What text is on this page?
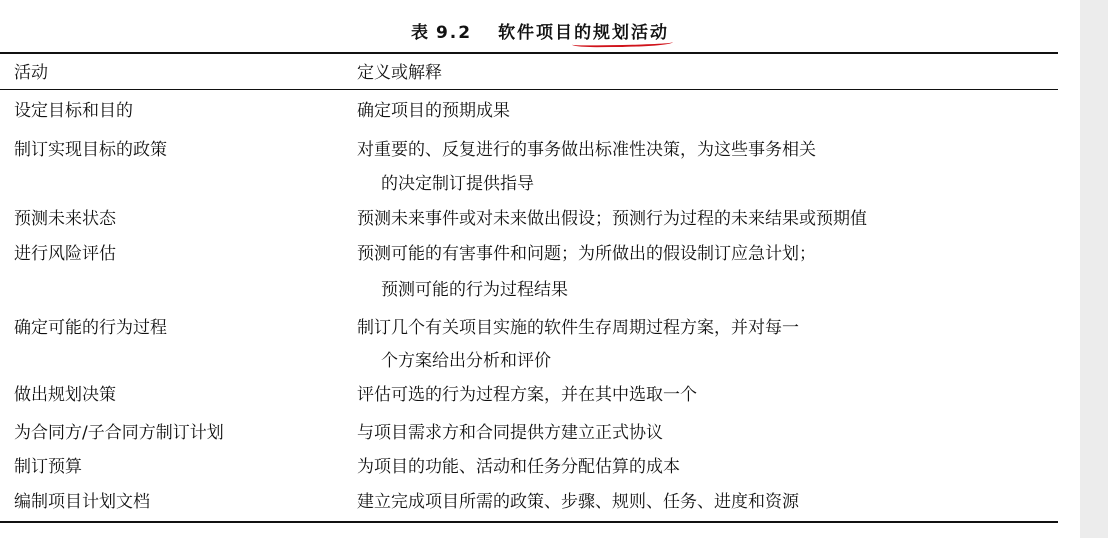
表 9.2 软件项目的规划活动
活动	定义或解释
设定目标和目的	确定项目的预期成果
制订实现目标的政策	对重要的、反复进行的事务做出标准性决策，为这些事务相关
的决定制订提供指导
预测未来状态	预测未来事件或对未来做出假设；预测行为过程的未来结果或预期值
进行风险评估	预测可能的有害事件和问题；为所做出的假设制订应急计划；
预测可能的行为过程结果
确定可能的行为过程	制订几个有关项目实施的软件生存周期过程方案，并对每一
个方案给出分析和评价
做出规划决策	评估可选的行为过程方案，并在其中选取一个
为合同方/子合同方制订计划	与项目需求方和合同提供方建立正式协议
制订预算	为项目的功能、活动和任务分配估算的成本
编制项目计划文档	建立完成项目所需的政策、步骤、规则、任务、进度和资源
